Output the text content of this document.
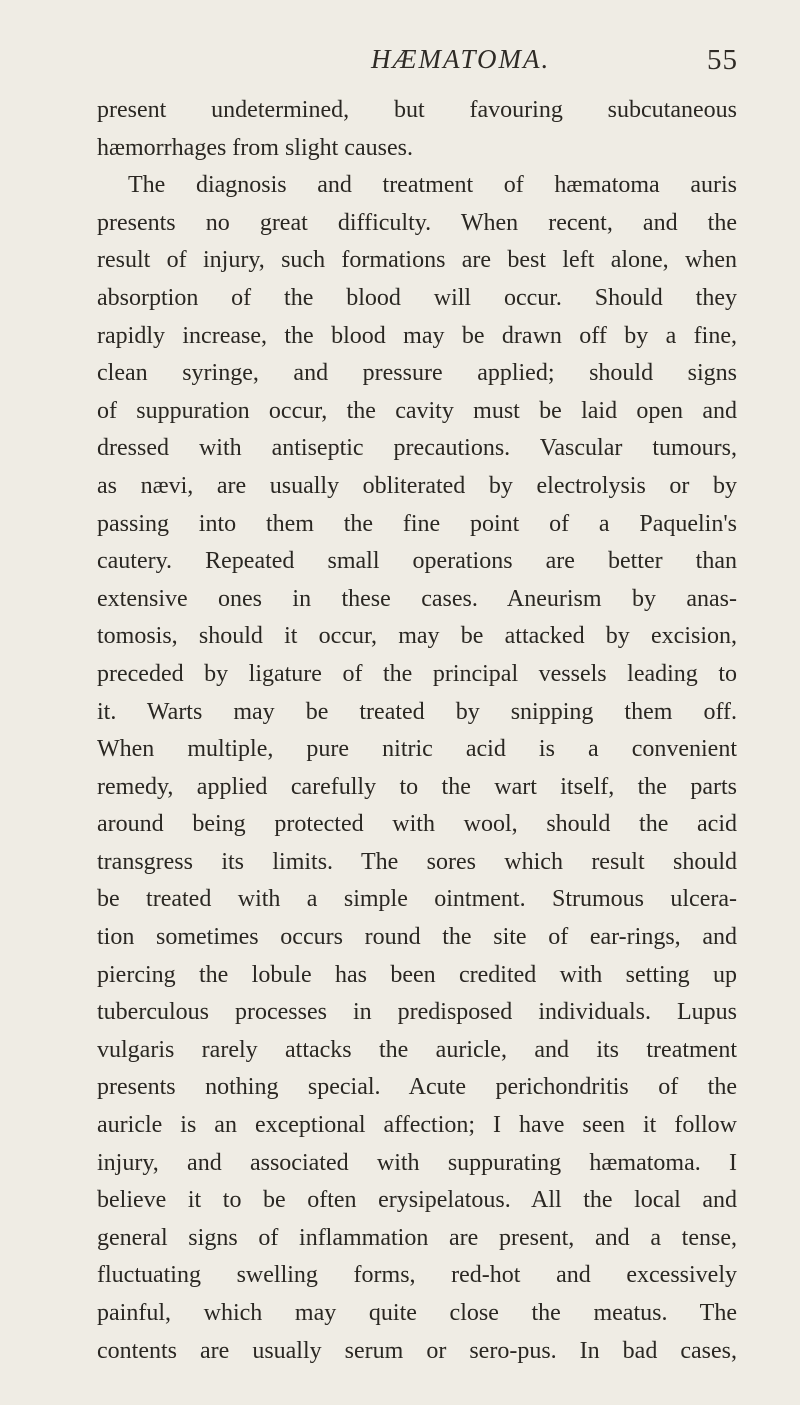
HÆMATOMA.	55
present undetermined, but favouring subcutaneous
hæmorrhages from slight causes.
The diagnosis and treatment of hæmatoma auris
presents no great difficulty. When recent, and the
result of injury, such formations are best left alone, when
absorption of the blood will occur. Should they
rapidly increase, the blood may be drawn off by a fine,
clean syringe, and pressure applied; should signs
of suppuration occur, the cavity must be laid open and
dressed with antiseptic precautions. Vascular tumours,
as nævi, are usually obliterated by electrolysis or by
passing into them the fine point of a Paquelin's
cautery. Repeated small operations are better than
extensive ones in these cases. Aneurism by anas-
tomosis, should it occur, may be attacked by excision,
preceded by ligature of the principal vessels leading to
it. Warts may be treated by snipping them off.
When multiple, pure nitric acid is a convenient
remedy, applied carefully to the wart itself, the parts
around being protected with wool, should the acid
transgress its limits. The sores which result should
be treated with a simple ointment. Strumous ulcera-
tion sometimes occurs round the site of ear-rings, and
piercing the lobule has been credited with setting up
tuberculous processes in predisposed individuals. Lupus
vulgaris rarely attacks the auricle, and its treatment
presents nothing special. Acute perichondritis of the
auricle is an exceptional affection; I have seen it follow
injury, and associated with suppurating hæmatoma. I
believe it to be often erysipelatous. All the local and
general signs of inflammation are present, and a tense,
fluctuating swelling forms, red-hot and excessively
painful, which may quite close the meatus. The
contents are usually serum or sero-pus. In bad cases,
